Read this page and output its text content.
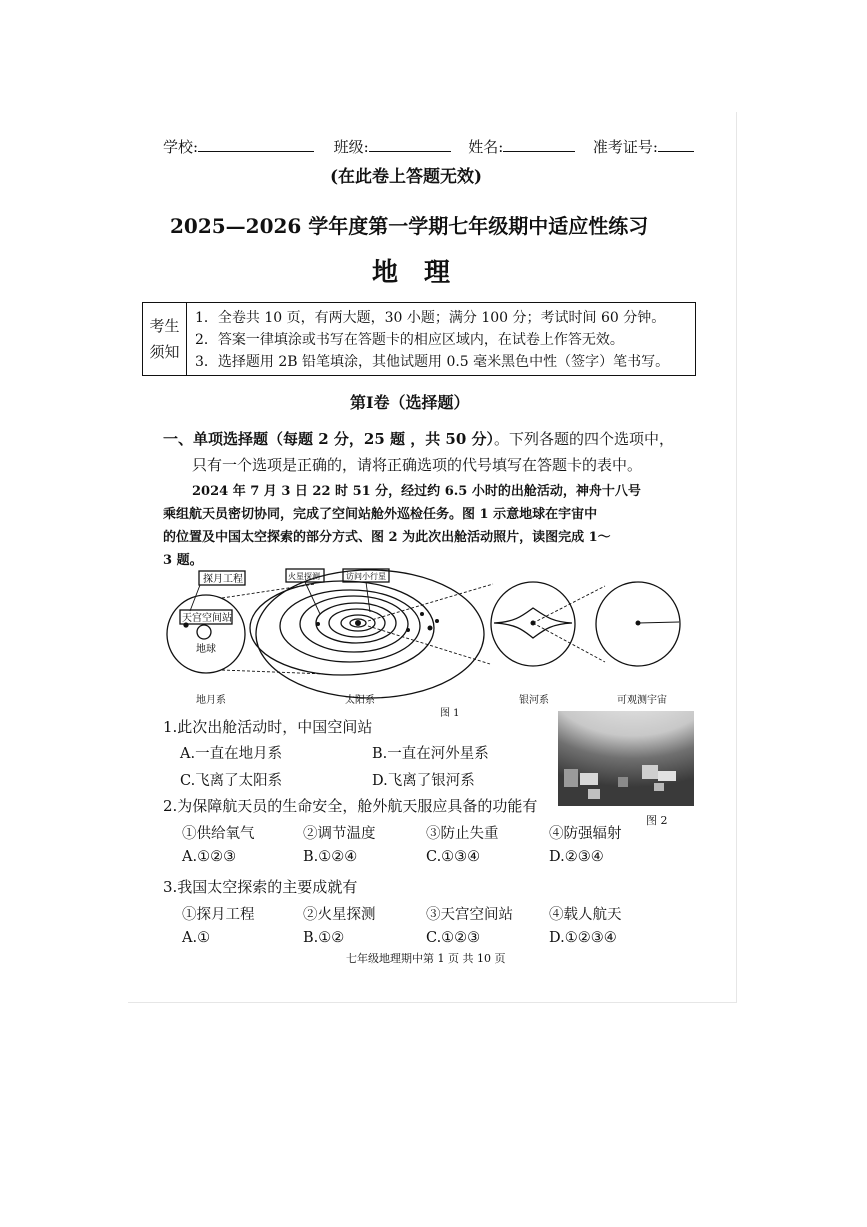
学校:	班级:	姓名:	准考证号:
(在此卷上答题无效)
2025—2026 学年度第一学期七年级期中适应性练习
地　理
考生
须知
1．全卷共 10 页，有两大题，30 小题；满分 100 分；考试时间 60 分钟。
2．答案一律填涂或书写在答题卡的相应区域内，在试卷上作答无效。
3．选择题用 2B 铅笔填涂，其他试题用 0.5 毫米黑色中性（签字）笔书写。
第Ⅰ卷（选择题）
一、单项选择题（每题 2 分，25 题 ，共 50 分）。下列各题的四个选项中，
只有一个选项是正确的，请将正确选项的代号填写在答题卡的表中。
2024 年 7 月 3 日 22 时 51 分，经过约 6.5 小时的出舱活动，神舟十八号
乘组航天员密切协同，完成了空间站舱外巡检任务。图 1 示意地球在宇宙中
的位置及中国太空探索的部分方式、图 2 为此次出舱活动照片，读图完成 1～
3 题。
探月工程
天宫空间站
地球
火星探测	访问小行星
地月系	太阳系	银河系	可观测宇宙
图 1
图 2
1.此次出舱活动时，中国空间站
A.一直在地月系	B.一直在河外星系
C.飞离了太阳系	D.飞离了银河系
2.为保障航天员的生命安全，舱外航天服应具备的功能有
①供给氧气	②调节温度	③防止失重	④防强辐射
A.①②③	B.①②④	C.①③④	D.②③④
3.我国太空探索的主要成就有
①探月工程	②火星探测	③天宫空间站 ④载人航天
A.①	B.①②	C.①②③	D.①②③④
七年级地理期中第 1 页 共 10 页
